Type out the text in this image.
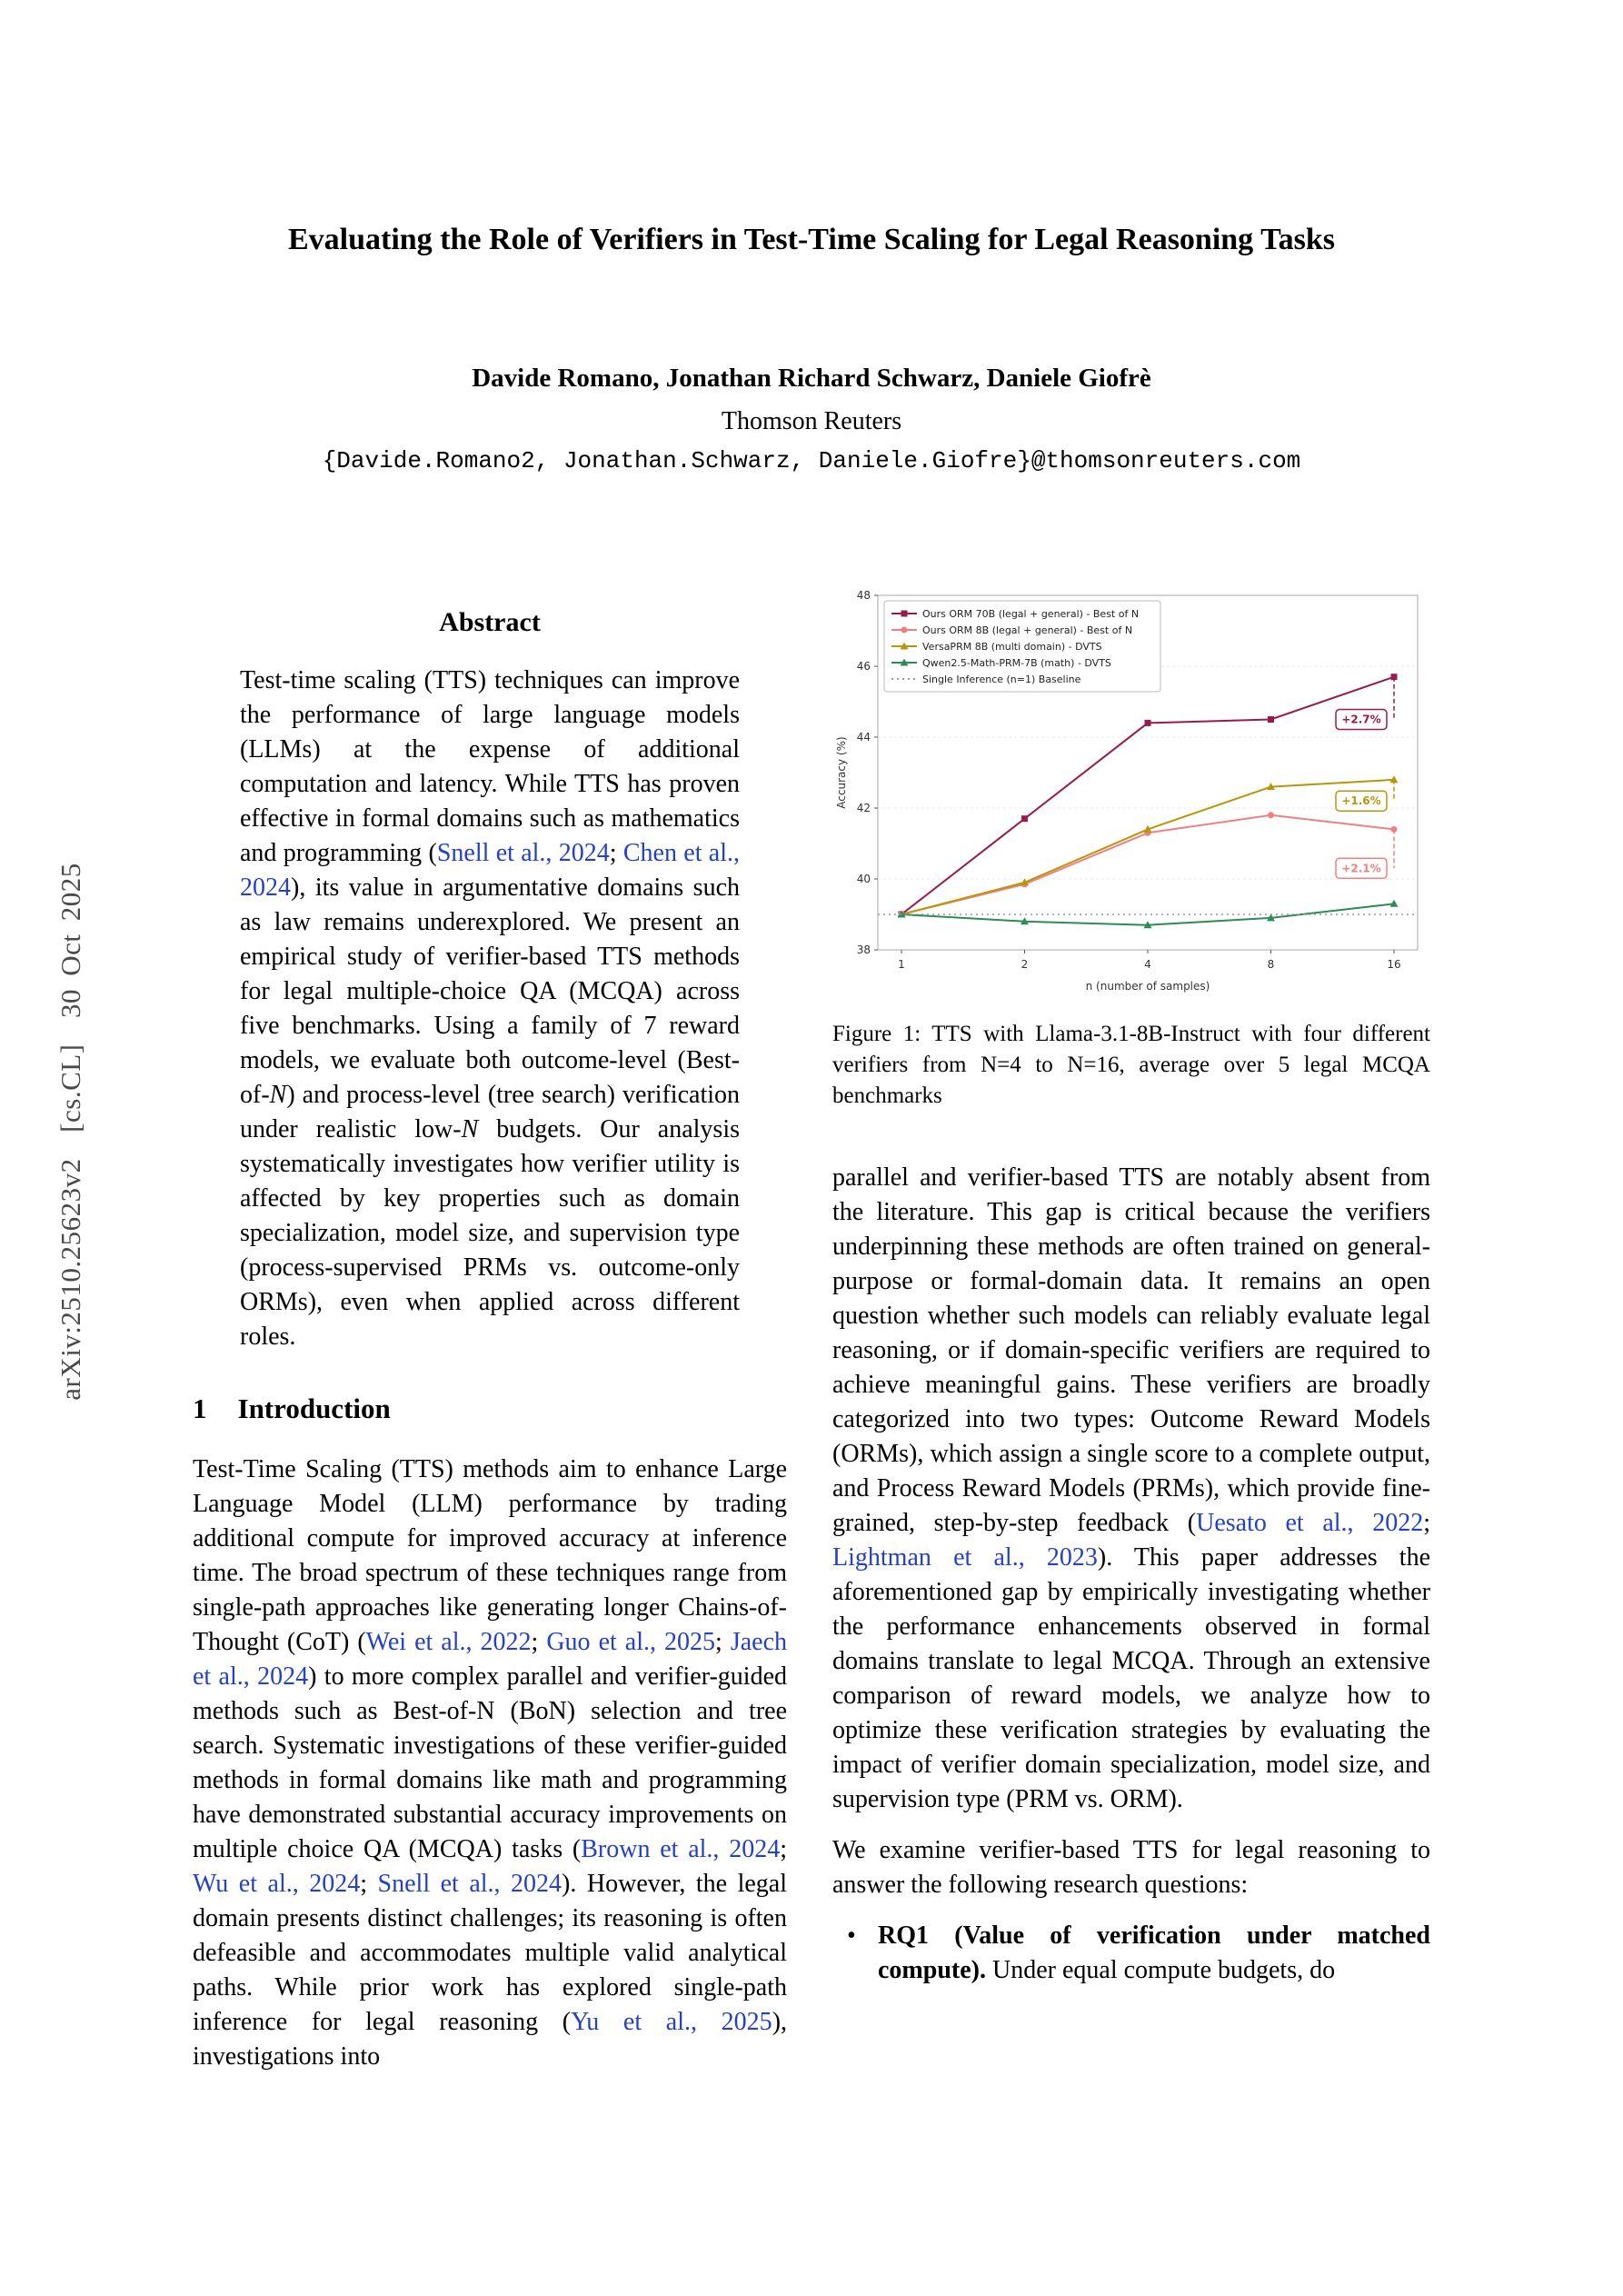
arXiv:2510.25623v2  [cs.CL]  30 Oct 2025
Evaluating the Role of Verifiers in Test-Time Scaling for Legal Reasoning Tasks
Davide Romano, Jonathan Richard Schwarz, Daniele Giofrè
Thomson Reuters
{Davide.Romano2, Jonathan.Schwarz, Daniele.Giofre}@thomsonreuters.com
Abstract

Test-time scaling (TTS) techniques can improve the performance of large language models (LLMs) at the expense of additional computation and latency. While TTS has proven effective in formal domains such as mathematics and programming (Snell et al., 2024; Chen et al., 2024), its value in argumentative domains such as law remains underexplored. We present an empirical study of verifier-based TTS methods for legal multiple-choice QA (MCQA) across five benchmarks. Using a family of 7 reward models, we evaluate both outcome-level (Best-of-N) and process-level (tree search) verification under realistic low-N budgets. Our analysis systematically investigates how verifier utility is affected by key properties such as domain specialization, model size, and supervision type (process-supervised PRMs vs. outcome-only ORMs), even when applied across different roles.

1 Introduction

Test-Time Scaling (TTS) methods aim to enhance Large Language Model (LLM) performance by trading additional compute for improved accuracy at inference time. The broad spectrum of these techniques range from single-path approaches like generating longer Chains-of-Thought (CoT) (Wei et al., 2022; Guo et al., 2025; Jaech et al., 2024) to more complex parallel and verifier-guided methods such as Best-of-N (BoN) selection and tree search. Systematic investigations of these verifier-guided methods in formal domains like math and programming have demonstrated substantial accuracy improvements on multiple choice QA (MCQA) tasks (Brown et al., 2024; Wu et al., 2024; Snell et al., 2024). However, the legal domain presents distinct challenges; its reasoning is often defeasible and accommodates multiple valid analytical paths. While prior work has explored single-path inference for legal reasoning (Yu et al., 2025), investigations into

38
40
42
44
46
48
1	2	4	8	16
n (number of samples)
Accuracy (%)
+2.7%
+1.6%
+2.1%
Ours ORM 70B (legal + general) - Best of N
Ours ORM 8B (legal + general) - Best of N
VersaPRM 8B (multi domain) - DVTS
Qwen2.5-Math-PRM-7B (math) - DVTS
Single Inference (n=1) Baseline
Figure 1: TTS with Llama-3.1-8B-Instruct with four different verifiers from N=4 to N=16, average over 5 legal MCQA benchmarks

parallel and verifier-based TTS are notably absent from the literature. This gap is critical because the verifiers underpinning these methods are often trained on general-purpose or formal-domain data. It remains an open question whether such models can reliably evaluate legal reasoning, or if domain-specific verifiers are required to achieve meaningful gains. These verifiers are broadly categorized into two types: Outcome Reward Models (ORMs), which assign a single score to a complete output, and Process Reward Models (PRMs), which provide fine-grained, step-by-step feedback (Uesato et al., 2022; Lightman et al., 2023). This paper addresses the aforementioned gap by empirically investigating whether the performance enhancements observed in formal domains translate to legal MCQA. Through an extensive comparison of reward models, we analyze how to optimize these verification strategies by evaluating the impact of verifier domain specialization, model size, and supervision type (PRM vs. ORM).

We examine verifier-based TTS for legal reasoning to answer the following research questions:

• RQ1 (Value of verification under matched compute). Under equal compute budgets, do
